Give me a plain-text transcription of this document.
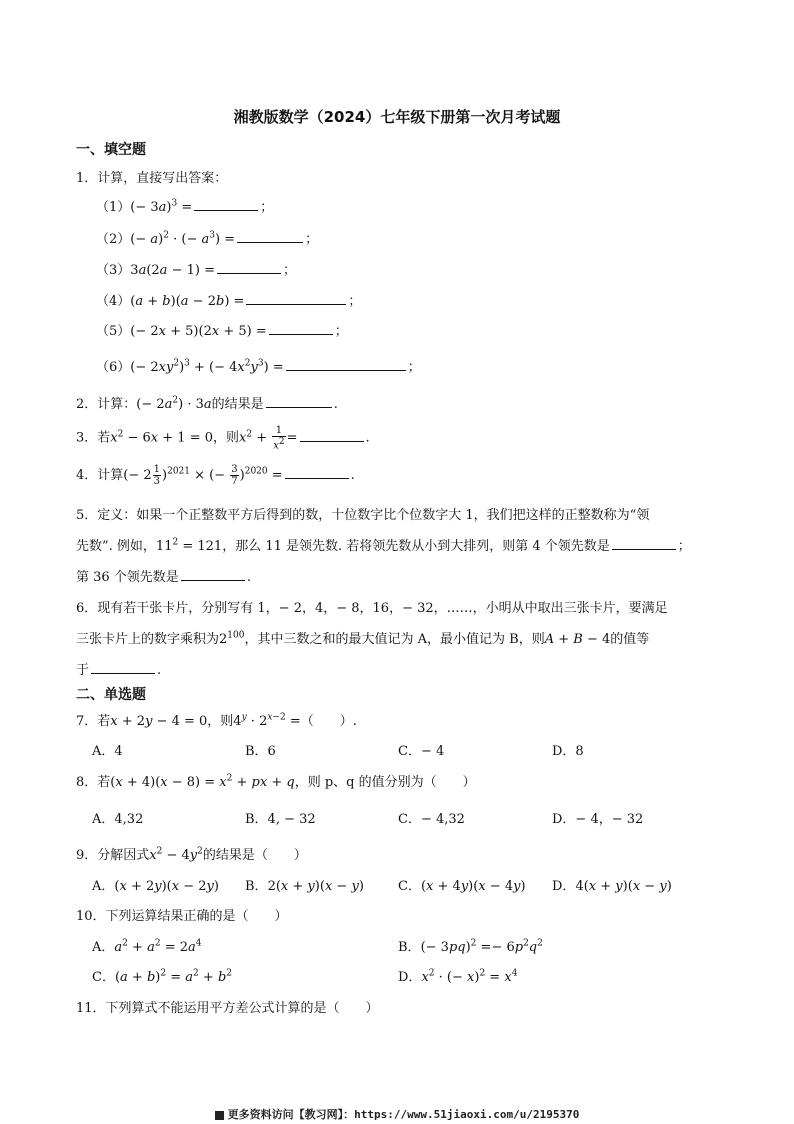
湘教版数学（2024）七年级下册第一次月考试题
一、填空题
1．计算，直接写出答案：
$(1)(- 3a)^3$ =	；
$(2)(- a)^2$ · (− $a^3$) =	；
（3）3a(2a − 1) =	；
（4）(a + b)(a − 2b) =	；
（5）(− 2x + 5)(2x + 5) =	；
$(6)(- 2xy^2)^3$ + (− $4x^2y^3$) =	；
2．计算：(− $2a^2) \cdot 3a$的结果是	.
3．若$x^2 - 6x + 1 = 0$，则$x^2 + \frac{1}{x^2}$ =	.
4．计算(− $2 \frac{1}{3} )^{2021}$ × (− $\frac{3}{7} )^{2020}$ =	.
5．定义：如果一个正整数平方后得到的数，十位数字比个位数字大 1，我们把这样的正整数称为“领
先数”. 例如，$11^2 = 121$，那么 11 是领先数. 若将领先数从小到大排列，则第 4 个领先数是	；
第 36 个领先数是	.
6．现有若干张卡片，分别写有 1，− 2，4，− 8，16，− 32，……，小明从中取出三张卡片，要满足
三张卡片上的数字乘积为$2^{100}$，其中三数之和的最大值记为 A，最小值记为 B，则A + B − 4的值等
于	.
二、单选题
7．若x + 2y − 4 = 0，则$4^y \cdot 2^{x-2}$ =（　　）.
A．4	B．6	C．− 4	D．8
8．若$(x + 4)(x - 8) = x^2$ + px + q，则 p、q 的值分别为（　　）
A．4,32	B．4, − 32	C．− 4,32	D．− 4，− 32
9．分解因式$x^2 - 4y^2$的结果是（　　）
A．(x + 2y)(x − 2y) B．2(x + y)(x − y)	C．(x + 4y)(x − 4y) D．4(x + y)(x − y)
10．下列运算结果正确的是（　　）
A．$a^2 + a^2 = 2a^4$	B．(− $3pq)^2 =- 6p^2q^2$
C．$(a + b)^2 = a^2 + b^2$	D．$x^2$ · (− $x)^2 = x^4$
11．下列算式不能运用平方差公式计算的是（　　）
更多资料访问【教习网】：https://www.51jiaoxi.com/u/2195370
